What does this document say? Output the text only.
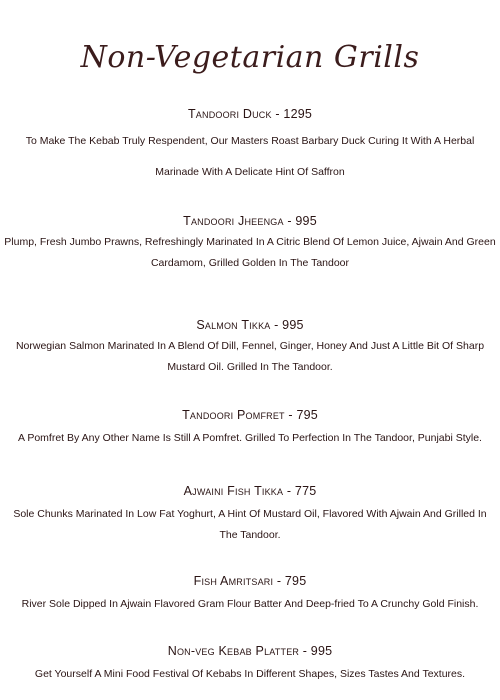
Non-Vegetarian Grills

Tandoori Duck - 1295

To Make The Kebab Truly Respendent, Our Masters Roast Barbary Duck Curing It With A Herbal Marinade With A Delicate Hint Of Saffron

Tandoori Jheenga - 995

Plump, Fresh Jumbo Prawns, Refreshingly Marinated In A Citric Blend Of Lemon Juice, Ajwain And Green Cardamom, Grilled Golden In The Tandoor

Salmon Tikka - 995

Norwegian Salmon Marinated In A Blend Of Dill, Fennel, Ginger, Honey And Just A Little Bit Of Sharp Mustard Oil. Grilled In The Tandoor.

Tandoori Pomfret - 795

A Pomfret By Any Other Name Is Still A Pomfret. Grilled To Perfection In The Tandoor, Punjabi Style.

Ajwaini Fish Tikka - 775

Sole Chunks Marinated In Low Fat Yoghurt, A Hint Of Mustard Oil, Flavored With Ajwain And Grilled In The Tandoor.

Fish Amritsari - 795

River Sole Dipped In Ajwain Flavored Gram Flour Batter And Deep-fried To A Crunchy Gold Finish.

Non-veg Kebab Platter - 995

Get Yourself A Mini Food Festival Of Kebabs In Different Shapes, Sizes Tastes And Textures.
